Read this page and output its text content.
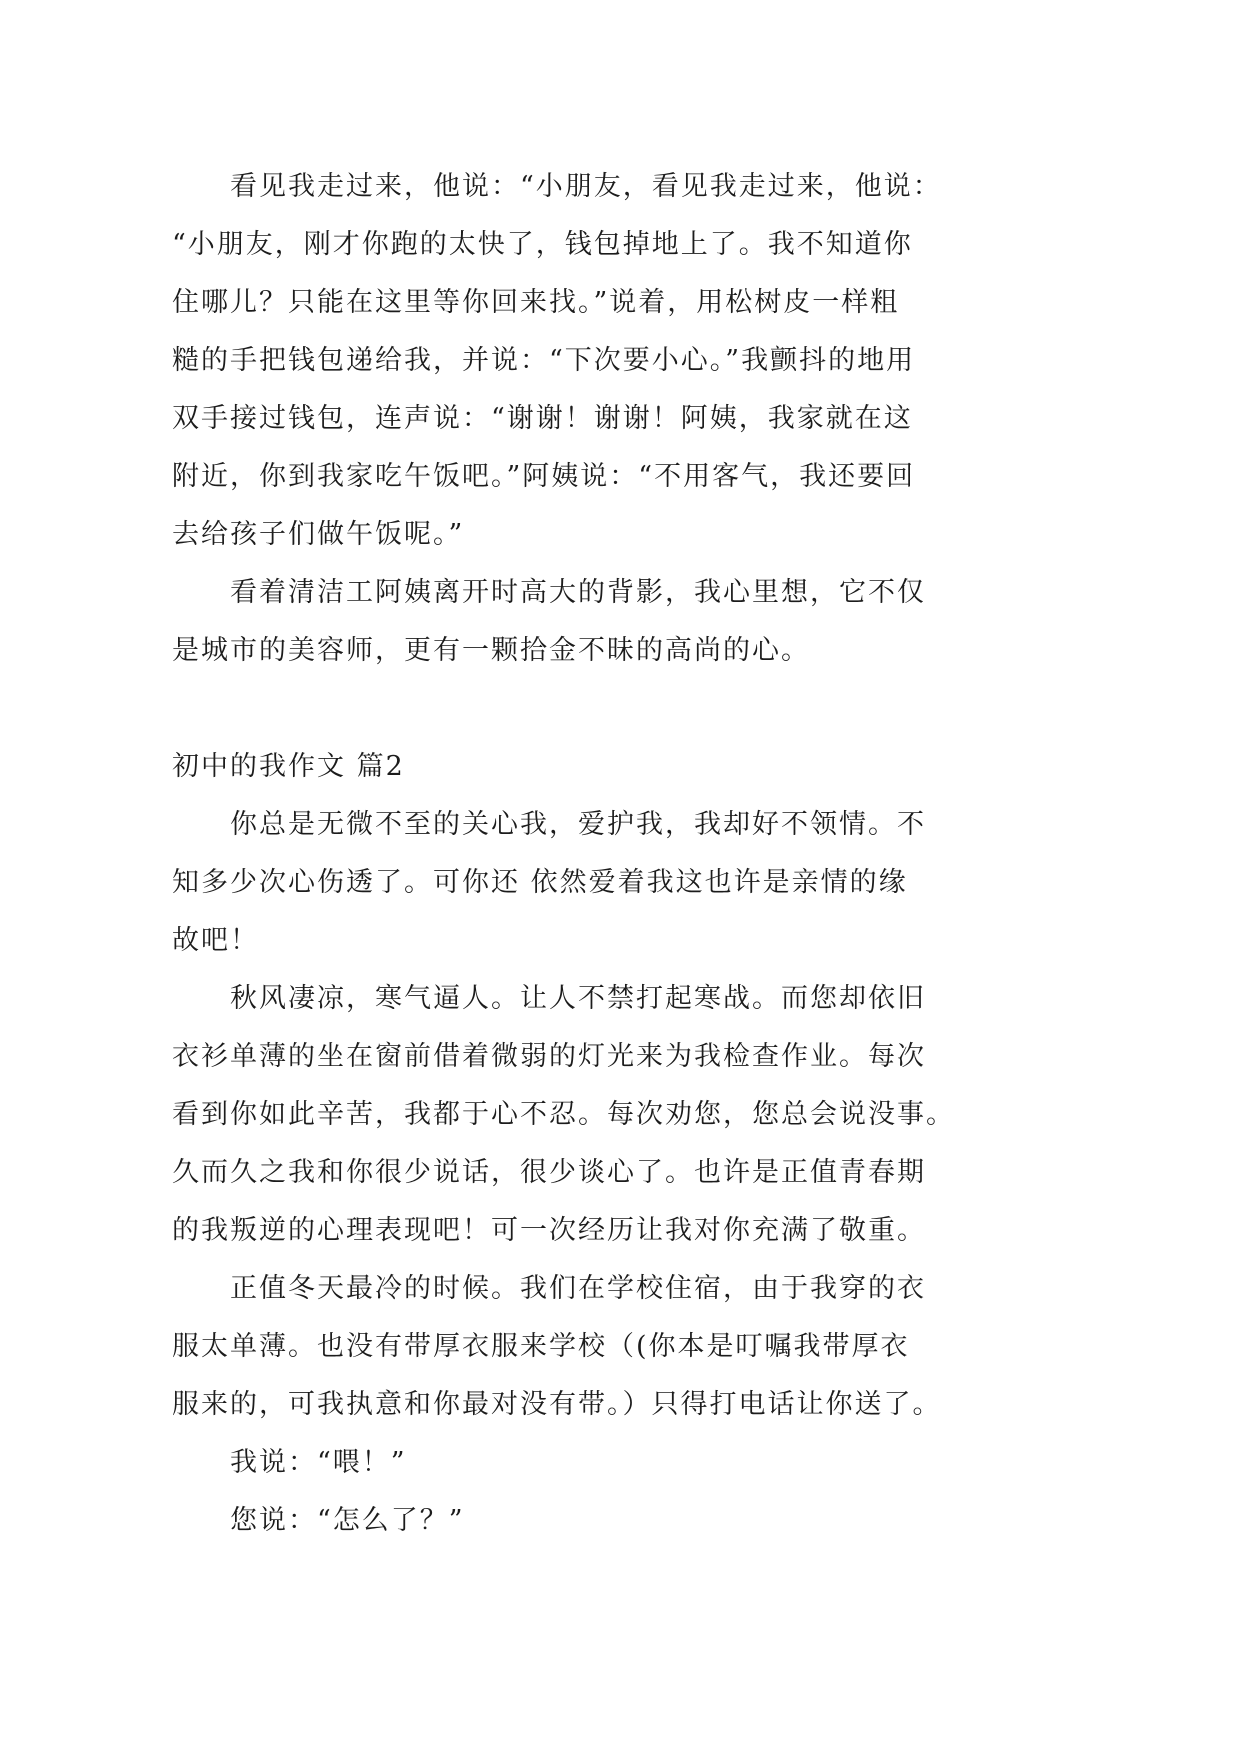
看见我走过来，他说：“小朋友，看见我走过来，他说：
“小朋友，刚才你跑的太快了，钱包掉地上了。我不知道你
住哪儿？只能在这里等你回来找。”说着，用松树皮一样粗
糙的手把钱包递给我，并说：“下次要小心。”我颤抖的地用
双手接过钱包，连声说：“谢谢！谢谢！阿姨，我家就在这
附近，你到我家吃午饭吧。”阿姨说：“不用客气，我还要回
去给孩子们做午饭呢。”
看着清洁工阿姨离开时高大的背影，我心里想，它不仅
是城市的美容师，更有一颗拾金不昧的高尚的心。
初中的我作文 篇2
你总是无微不至的关心我，爱护我，我却好不领情。不
知多少次心伤透了。可你还 依然爱着我这也许是亲情的缘
故吧！
秋风凄凉，寒气逼人。让人不禁打起寒战。而您却依旧
衣衫单薄的坐在窗前借着微弱的灯光来为我检查作业。每次
看到你如此辛苦，我都于心不忍。每次劝您，您总会说没事。
久而久之我和你很少说话，很少谈心了。也许是正值青春期
的我叛逆的心理表现吧！可一次经历让我对你充满了敬重。
正值冬天最冷的时候。我们在学校住宿，由于我穿的衣
服太单薄。也没有带厚衣服来学校（(你本是叮嘱我带厚衣
服来的，可我执意和你最对没有带。）只得打电话让你送了。
我说：“喂！”
您说：“怎么了？”
